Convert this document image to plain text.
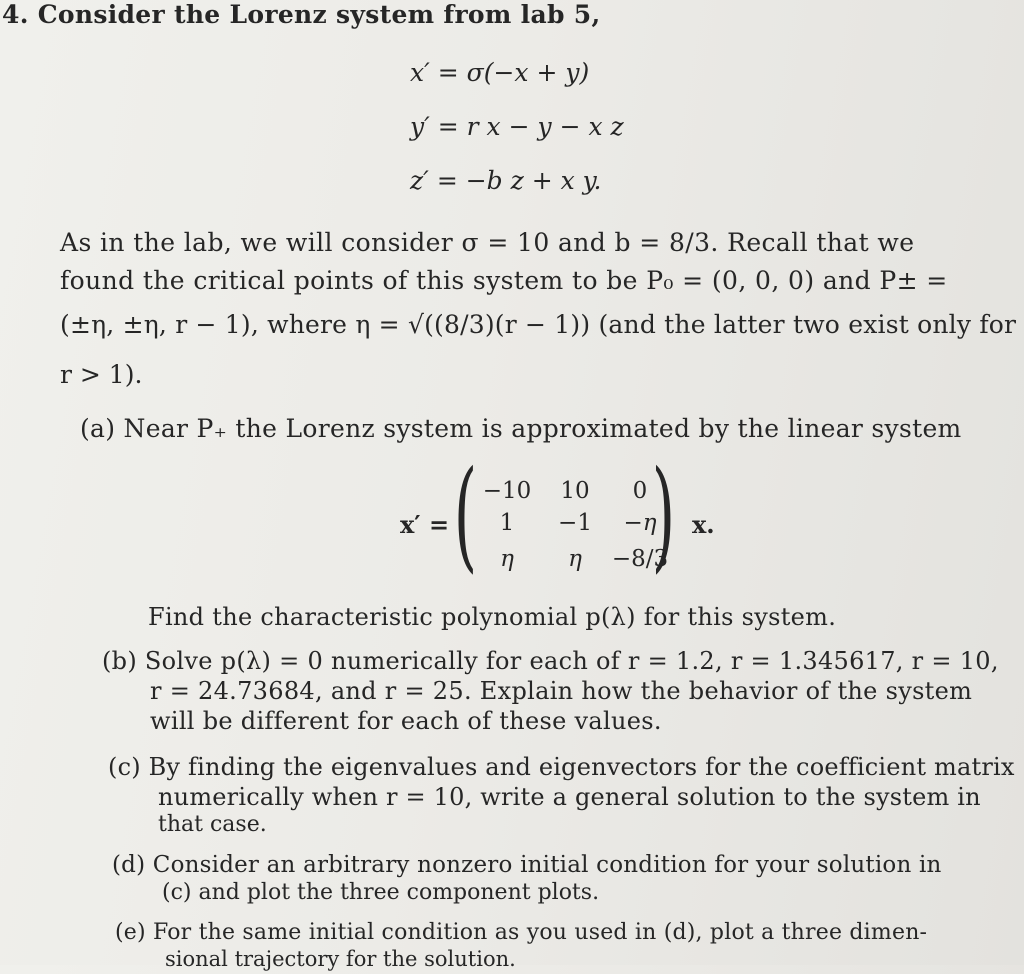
4. Consider the Lorenz system from lab 5,
x′ = σ(−x + y)
y′ = r x − y − x z
z′ = −b z + x y.
As in the lab, we will consider σ = 10 and b = 8/3. Recall that we
found the critical points of this system to be P₀ = (0, 0, 0) and P± =
(±η, ±η, r − 1), where η = √((8/3)(r − 1)) (and the latter two exist only for
r > 1).
(a) Near P₊ the Lorenz system is approximated by the linear system
x′ = ( )
−10	10	0
1	−1	−η
η	η	−8/3
x.
Find the characteristic polynomial p(λ) for this system.
(b) Solve p(λ) = 0 numerically for each of r = 1.2, r = 1.345617, r = 10,
r = 24.73684, and r = 25. Explain how the behavior of the system
will be different for each of these values.
(c) By finding the eigenvalues and eigenvectors for the coefficient matrix
numerically when r = 10, write a general solution to the system in
that case.
(d) Consider an arbitrary nonzero initial condition for your solution in
(c) and plot the three component plots.
(e) For the same initial condition as you used in (d), plot a three dimen-
sional trajectory for the solution.
